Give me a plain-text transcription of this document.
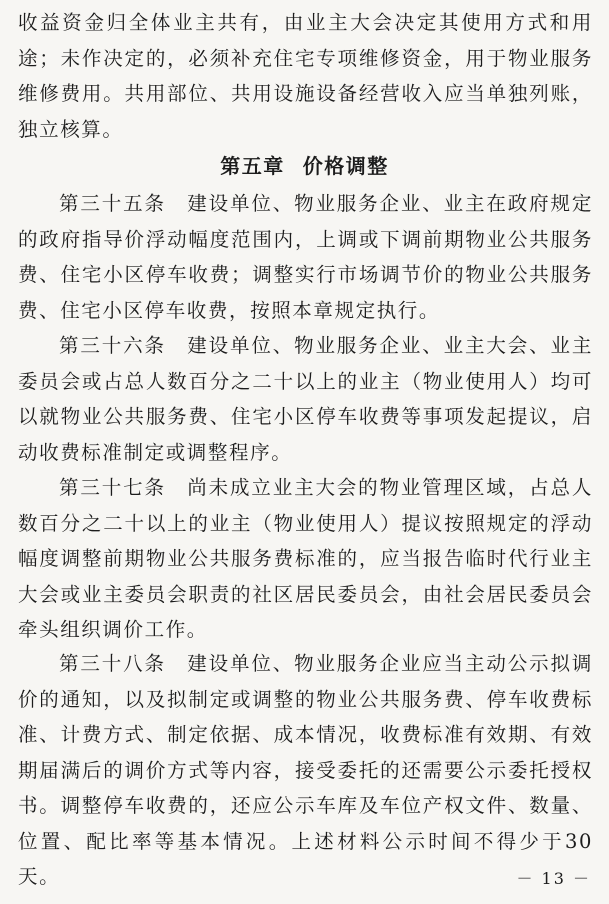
收益资金归全体业主共有，由业主大会决定其使用方式和用途；未作决定的，必须补充住宅专项维修资金，用于物业服务维修费用。共用部位、共用设施设备经营收入应当单独列账，独立核算。

第五章 价格调整

第三十五条　建设单位、物业服务企业、业主在政府规定的政府指导价浮动幅度范围内，上调或下调前期物业公共服务费、住宅小区停车收费；调整实行市场调节价的物业公共服务费、住宅小区停车收费，按照本章规定执行。

第三十六条　建设单位、物业服务企业、业主大会、业主委员会或占总人数百分之二十以上的业主（物业使用人）均可以就物业公共服务费、住宅小区停车收费等事项发起提议，启动收费标准制定或调整程序。

第三十七条　尚未成立业主大会的物业管理区域，占总人数百分之二十以上的业主（物业使用人）提议按照规定的浮动幅度调整前期物业公共服务费标准的，应当报告临时代行业主大会或业主委员会职责的社区居民委员会，由社会居民委员会牵头组织调价工作。

第三十八条　建设单位、物业服务企业应当主动公示拟调价的通知，以及拟制定或调整的物业公共服务费、停车收费标准、计费方式、制定依据、成本情况，收费标准有效期、有效期届满后的调价方式等内容，接受委托的还需要公示委托授权书。调整停车收费的，还应公示车库及车位产权文件、数量、位置、配比率等基本情况。上述材料公示时间不得少于30天。	－ 13 －
